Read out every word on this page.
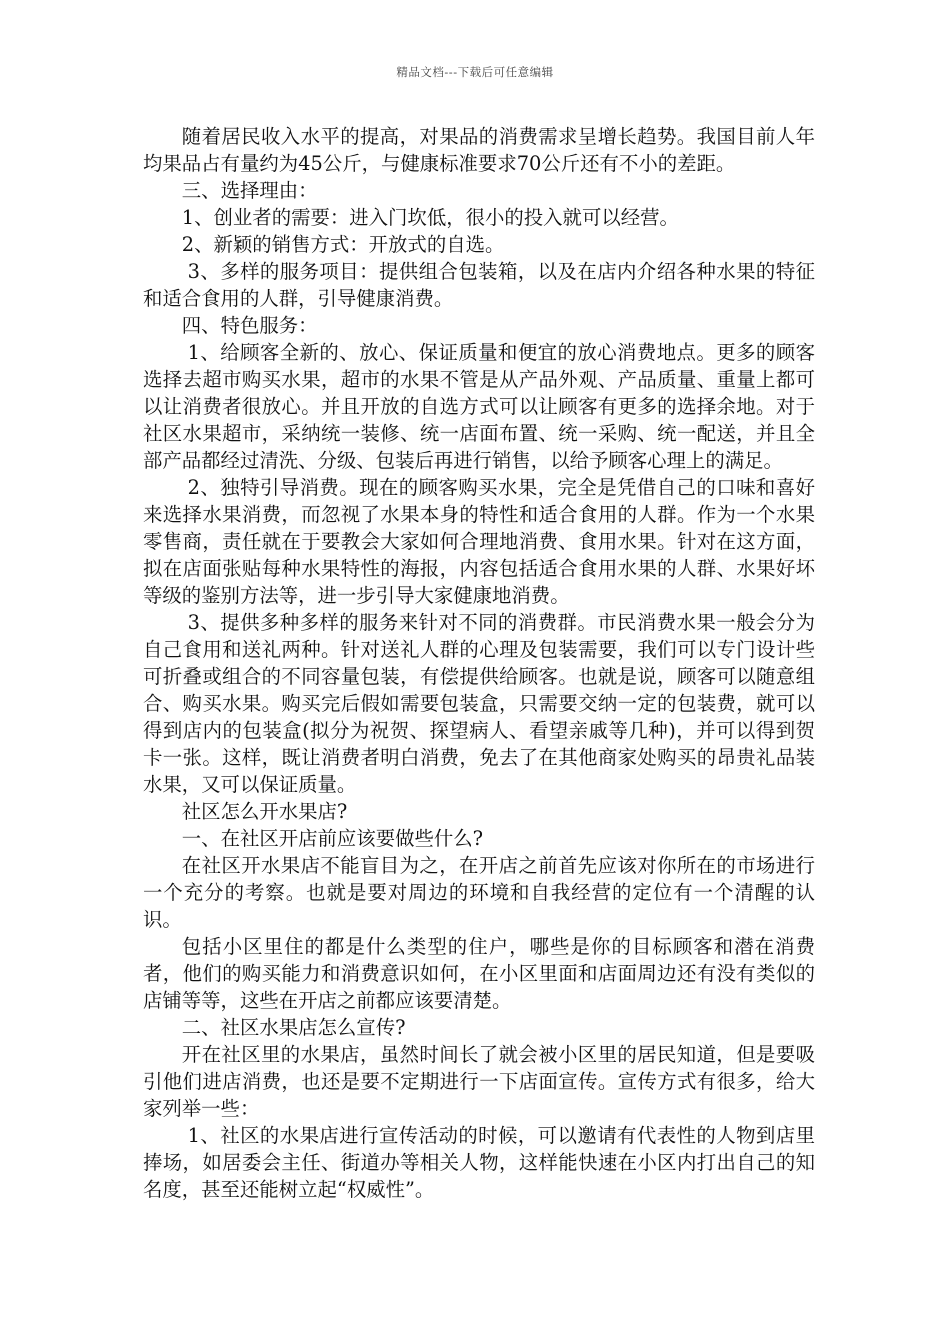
精品文档---下载后可任意编辑

随着居民收入水平的提高，对果品的消费需求呈增长趋势。我国目前人年均果品占有量约为45公斤，与健康标准要求70公斤还有不小的差距。

三、选择理由：

1、创业者的需要：进入门坎低，很小的投入就可以经营。

2、新颖的销售方式：开放式的自选。

3、多样的服务项目：提供组合包装箱，以及在店内介绍各种水果的特征和适合食用的人群，引导健康消费。

四、特色服务：

1、给顾客全新的、放心、保证质量和便宜的放心消费地点。更多的顾客选择去超市购买水果，超市的水果不管是从产品外观、产品质量、重量上都可以让消费者很放心。并且开放的自选方式可以让顾客有更多的选择余地。对于社区水果超市，采纳统一装修、统一店面布置、统一采购、统一配送，并且全部产品都经过清洗、分级、包装后再进行销售，以给予顾客心理上的满足。

2、独特引导消费。现在的顾客购买水果，完全是凭借自己的口味和喜好来选择水果消费，而忽视了水果本身的特性和适合食用的人群。作为一个水果零售商，责任就在于要教会大家如何合理地消费、食用水果。针对在这方面，拟在店面张贴每种水果特性的海报，内容包括适合食用水果的人群、水果好坏等级的鉴别方法等，进一步引导大家健康地消费。

3、提供多种多样的服务来针对不同的消费群。市民消费水果一般会分为自己食用和送礼两种。针对送礼人群的心理及包装需要，我们可以专门设计些可折叠或组合的不同容量包装，有偿提供给顾客。也就是说，顾客可以随意组合、购买水果。购买完后假如需要包装盒，只需要交纳一定的包装费，就可以得到店内的包装盒(拟分为祝贺、探望病人、看望亲戚等几种)，并可以得到贺卡一张。这样，既让消费者明白消费，免去了在其他商家处购买的昂贵礼品装水果，又可以保证质量。

社区怎么开水果店?

一、在社区开店前应该要做些什么?

在社区开水果店不能盲目为之，在开店之前首先应该对你所在的市场进行一个充分的考察。也就是要对周边的环境和自我经营的定位有一个清醒的认识。

包括小区里住的都是什么类型的住户，哪些是你的目标顾客和潜在消费者，他们的购买能力和消费意识如何，在小区里面和店面周边还有没有类似的店铺等等，这些在开店之前都应该要清楚。

二、社区水果店怎么宣传?

开在社区里的水果店，虽然时间长了就会被小区里的居民知道，但是要吸引他们进店消费，也还是要不定期进行一下店面宣传。宣传方式有很多，给大家列举一些：

1、社区的水果店进行宣传活动的时候，可以邀请有代表性的人物到店里捧场，如居委会主任、街道办等相关人物，这样能快速在小区内打出自己的知名度，甚至还能树立起“权威性”。
